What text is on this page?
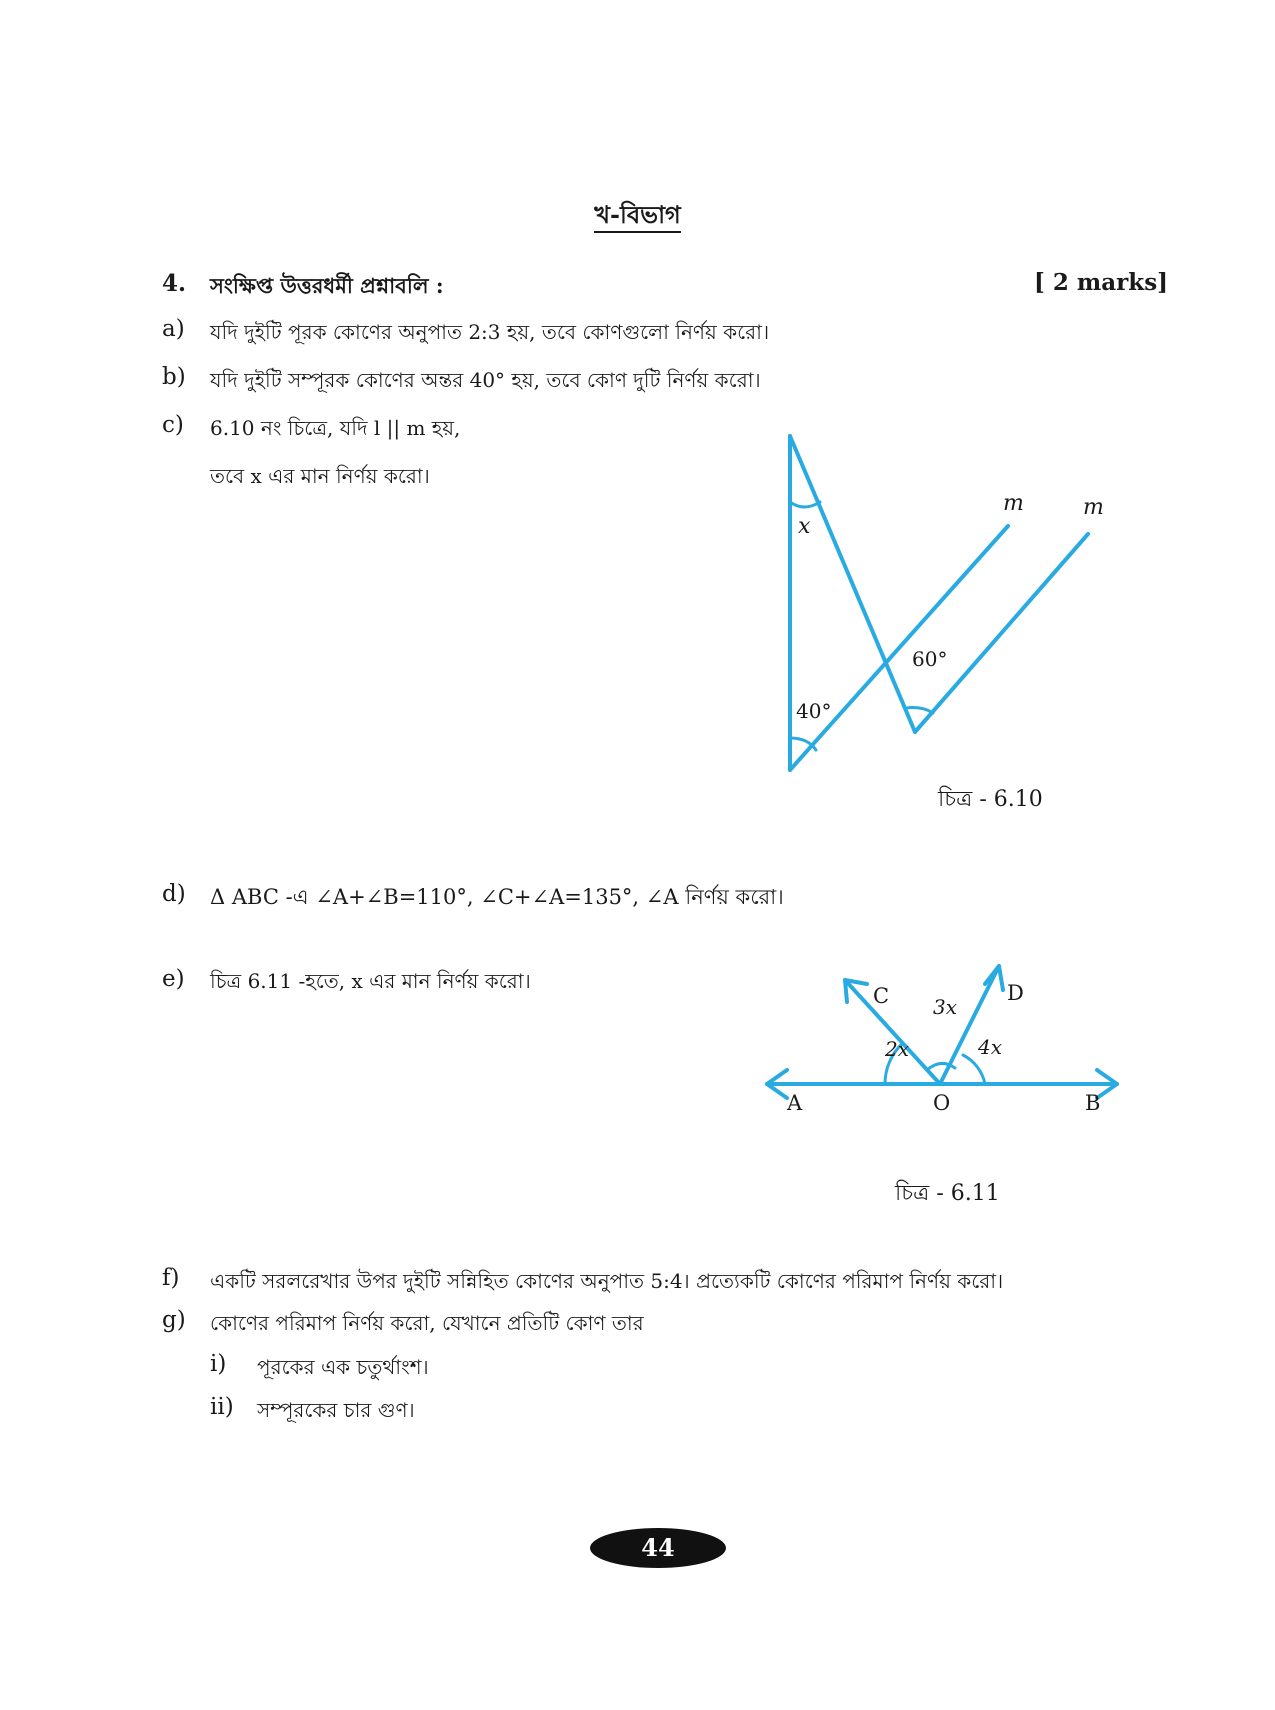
খ-বিভাগ
4. সংক্ষিপ্ত উত্তরধর্মী প্রশ্নাবলি :	[ 2 marks]
a) যদি দুইটি পূরক কোণের অনুপাত 2:3 হয়, তবে কোণগুলো নির্ণয় করো।
b) যদি দুইটি সম্পূরক কোণের অন্তর 40° হয়, তবে কোণ দুটি নির্ণয় করো।
c) 6.10 নং চিত্রে, যদি l || m হয়,
তবে x এর মান নির্ণয় করো।
x
40°
60°
m	m
চিত্র - 6.10
d) Δ ABC -এ ∠A+∠B=110°, ∠C+∠A=135°, ∠A নির্ণয় করো।
e) চিত্র 6.11 -হতে, x এর মান নির্ণয় করো।
2x
3x
4x
A	O	B
C	D
চিত্র - 6.11
f) একটি সরলরেখার উপর দুইটি সন্নিহিত কোণের অনুপাত 5:4। প্রত্যেকটি কোণের পরিমাপ নির্ণয় করো।
g) কোণের পরিমাপ নির্ণয় করো, যেখানে প্রতিটি কোণ তার
i) পূরকের এক চতুর্থাংশ।
ii) সম্পূরকের চার গুণ।
44
